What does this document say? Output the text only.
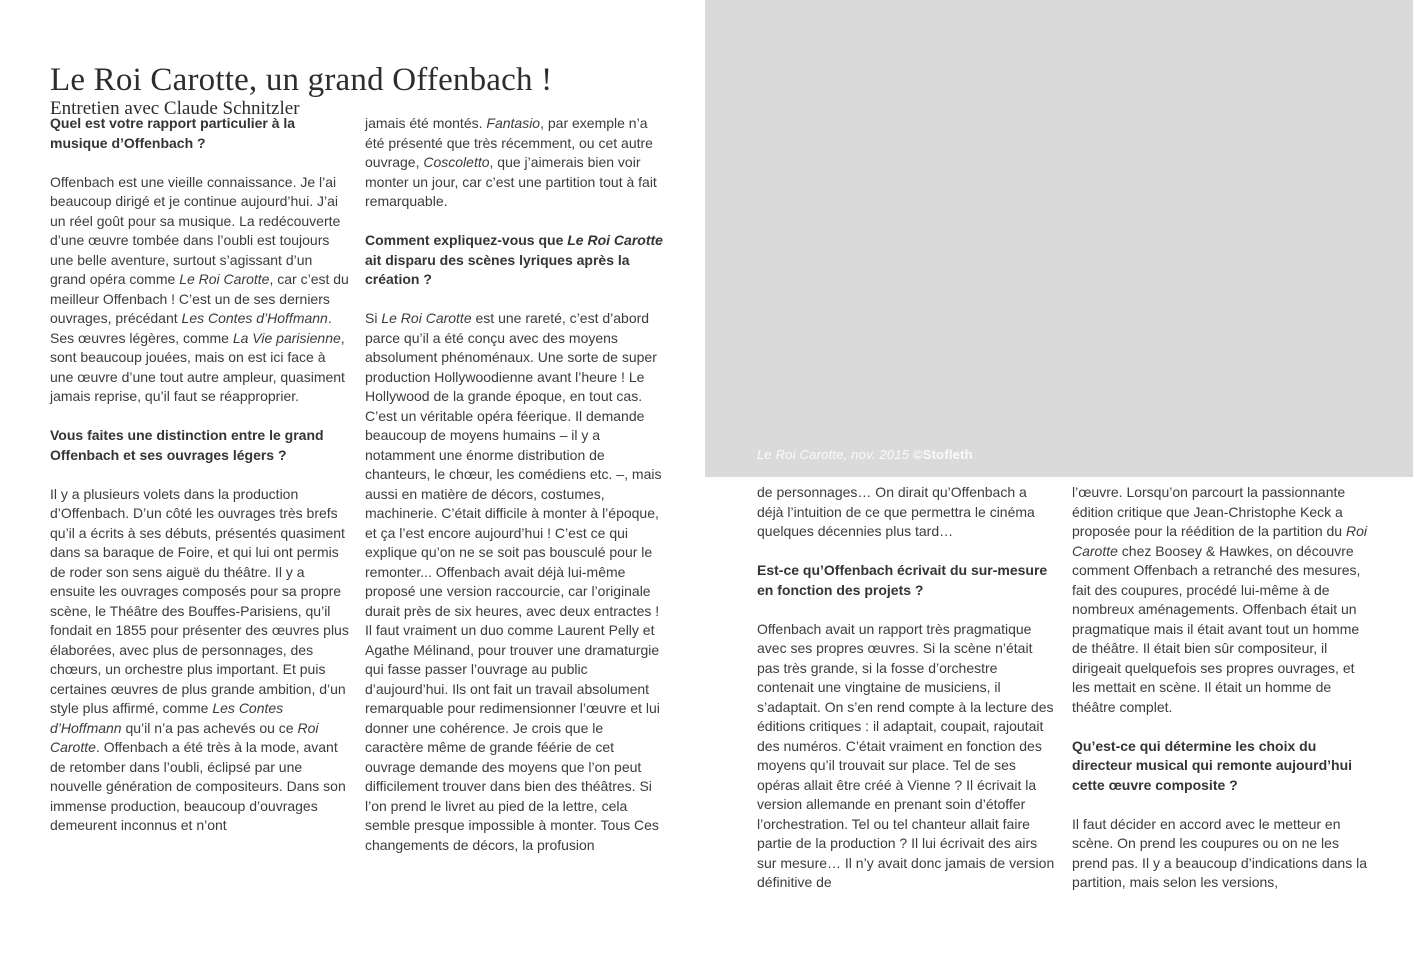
Le Roi Carotte, un grand Offenbach !
Entretien avec Claude Schnitzler
Le Roi Carotte, nov. 2015 ©Stofleth

Quel est votre rapport particulier à la musique d’Offenbach ?

Offenbach est une vieille connaissance. Je l’ai beaucoup dirigé et je continue aujourd’hui. J’ai un réel goût pour sa musique. La redécouverte d’une œuvre tombée dans l’oubli est toujours une belle aventure, surtout s’agissant d’un grand opéra comme Le Roi Carotte, car c’est du meilleur Offenbach ! C’est un de ses derniers ouvrages, précédant Les Contes d’Hoffmann. Ses œuvres légères, comme La Vie parisienne, sont beaucoup jouées, mais on est ici face à une œuvre d’une tout autre ampleur, quasiment jamais reprise, qu’il faut se réapproprier.

Vous faites une distinction entre le grand Offenbach et ses ouvrages légers ?

Il y a plusieurs volets dans la production d’Offenbach. D’un côté les ouvrages très brefs qu’il a écrits à ses débuts, présentés quasiment dans sa baraque de Foire, et qui lui ont permis de roder son sens aiguë du théâtre. Il y a ensuite les ouvrages composés pour sa propre scène, le Théâtre des Bouffes-Parisiens, qu’il fondait en 1855 pour présenter des œuvres plus élaborées, avec plus de personnages, des chœurs, un orchestre plus important. Et puis certaines œuvres de plus grande ambition, d’un style plus affirmé, comme Les Contes d’Hoffmann qu’il n’a pas achevés ou ce Roi Carotte. Offenbach a été très à la mode, avant de retomber dans l’oubli, éclipsé par une nouvelle génération de compositeurs. Dans son immense production, beaucoup d’ouvrages demeurent inconnus et n’ont

jamais été montés. Fantasio, par exemple n’a été présenté que très récemment, ou cet autre ouvrage, Coscoletto, que j’aimerais bien voir monter un jour, car c’est une partition tout à fait remarquable.

Comment expliquez-vous que Le Roi Carotte ait disparu des scènes lyriques après la création ?

Si Le Roi Carotte est une rareté, c’est d’abord parce qu’il a été conçu avec des moyens absolument phénoménaux. Une sorte de super production Hollywoodienne avant l’heure ! Le Hollywood de la grande époque, en tout cas. C’est un véritable opéra féerique. Il demande beaucoup de moyens humains – il y a notamment une énorme distribution de chanteurs, le chœur, les comédiens etc. –, mais aussi en matière de décors, costumes, machinerie. C’était difficile à monter à l’époque, et ça l’est encore aujourd’hui ! C’est ce qui explique qu’on ne se soit pas bousculé pour le remonter... Offenbach avait déjà lui-même proposé une version raccourcie, car l’originale durait près de six heures, avec deux entractes ! Il faut vraiment un duo comme Laurent Pelly et Agathe Mélinand, pour trouver une dramaturgie qui fasse passer l’ouvrage au public d’aujourd’hui. Ils ont fait un travail absolument remarquable pour redimensionner l’œuvre et lui donner une cohérence. Je crois que le caractère même de grande féérie de cet ouvrage demande des moyens que l’on peut difficilement trouver dans bien des théâtres. Si l’on prend le livret au pied de la lettre, cela semble presque impossible à monter. Tous Ces changements de décors, la profusion

de personnages… On dirait qu’Offenbach a déjà l’intuition de ce que permettra le cinéma quelques décennies plus tard…

Est-ce qu’Offenbach écrivait du sur-mesure en fonction des projets ?

Offenbach avait un rapport très pragmatique avec ses propres œuvres. Si la scène n’était pas très grande, si la fosse d’orchestre contenait une vingtaine de musiciens, il s’adaptait. On s’en rend compte à la lecture des éditions critiques : il adaptait, coupait, rajoutait des numéros. C’était vraiment en fonction des moyens qu’il trouvait sur place. Tel de ses opéras allait être créé à Vienne ? Il écrivait la version allemande en prenant soin d’étoffer l’orchestration. Tel ou tel chanteur allait faire partie de la production ? Il lui écrivait des airs sur mesure… Il n’y avait donc jamais de version définitive de

l’œuvre. Lorsqu’on parcourt la passionnante édition critique que Jean-Christophe Keck a proposée pour la réédition de la partition du Roi Carotte chez Boosey & Hawkes, on découvre comment Offenbach a retranché des mesures, fait des coupures, procédé lui-même à de nombreux aménagements. Offenbach était un pragmatique mais il était avant tout un homme de théâtre. Il était bien sûr compositeur, il dirigeait quelquefois ses propres ouvrages, et les mettait en scène. Il était un homme de théâtre complet.

Qu’est-ce qui détermine les choix du directeur musical qui remonte aujourd’hui cette œuvre composite ?

Il faut décider en accord avec le metteur en scène. On prend les coupures ou on ne les prend pas. Il y a beaucoup d’indications dans la partition, mais selon les versions,
